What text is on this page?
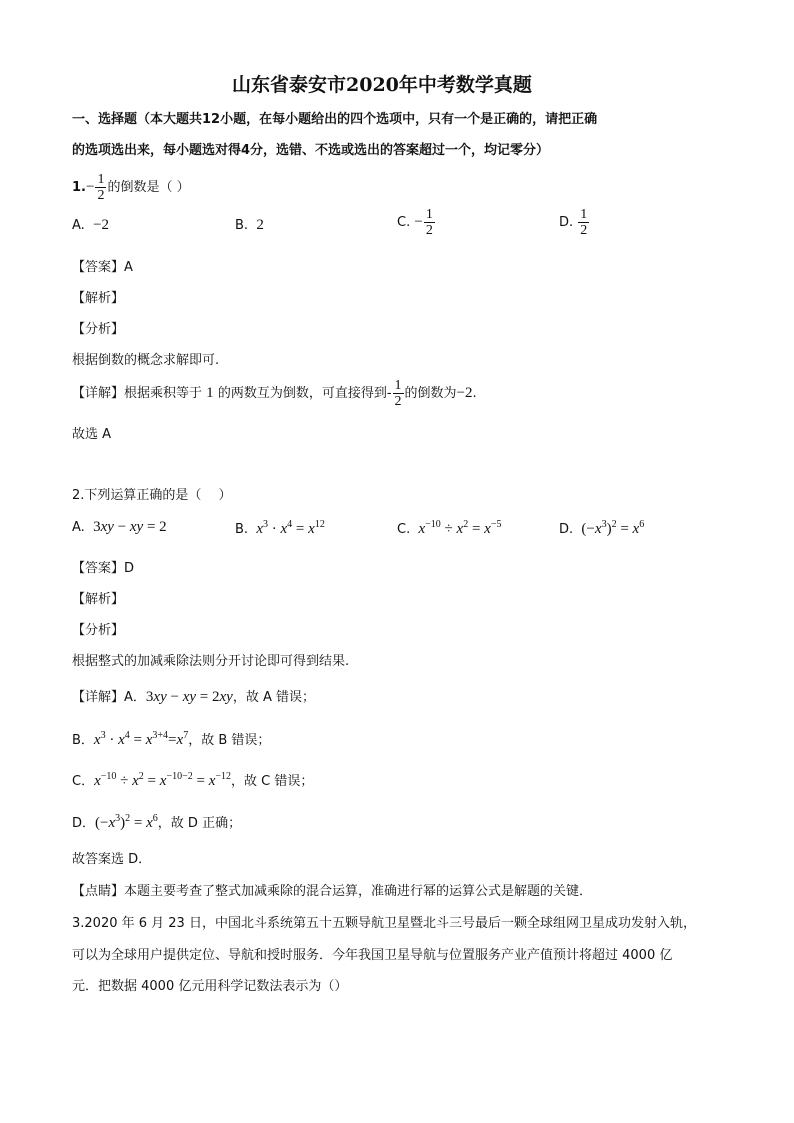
山东省泰安市2020年中考数学真题
一、选择题（本大题共12小题，在每小题给出的四个选项中，只有一个是正确的，请把正确
的选项选出来，每小题选对得4分，选错、不选或选出的答案超过一个，均记零分）
$1.- \frac{1}{2}$ 的倒数是（ ）
A. −2	B. 2	C. − $\frac{1}{2}$	D. $\frac{1}{2}$
【答案】A
【解析】
【分析】
根据倒数的概念求解即可.
【详解】根据乘积等于 1 的两数互为倒数，可直接得到- $\frac{1}{2}$ 的倒数为−2.
故选 A
2.下列运算正确的是（　 ）
A. 3xy − xy = 2	B. $x^3 \cdot x^4 = x^{12}$	C. $x^{-10} \div x^2 = x^{-5}$	D. $(-x^3)^2 = x^6$
【答案】D
【解析】
【分析】
根据整式的加减乘除法则分开讨论即可得到结果.
【详解】A．3xy − xy = 2xy，故 A 错误；
B．$x^3 \cdot x^4 = x^{3+4}=x^7$，故 B 错误；
C．$x^{-10} \div x^2 = x^{-10-2} = x^{-12}$，故 C 错误；
D．$(-x^3)^2 = x^6$，故 D 正确；
故答案选 D．
【点睛】本题主要考查了整式加减乘除的混合运算，准确进行幂的运算公式是解题的关键．
3.2020 年 6 月 23 日，中国北斗系统第五十五颗导航卫星暨北斗三号最后一颗全球组网卫星成功发射入轨，
可以为全球用户提供定位、导航和授时服务．今年我国卫星导航与位置服务产业产值预计将超过 4000 亿
元．把数据 4000 亿元用科学记数法表示为（）
